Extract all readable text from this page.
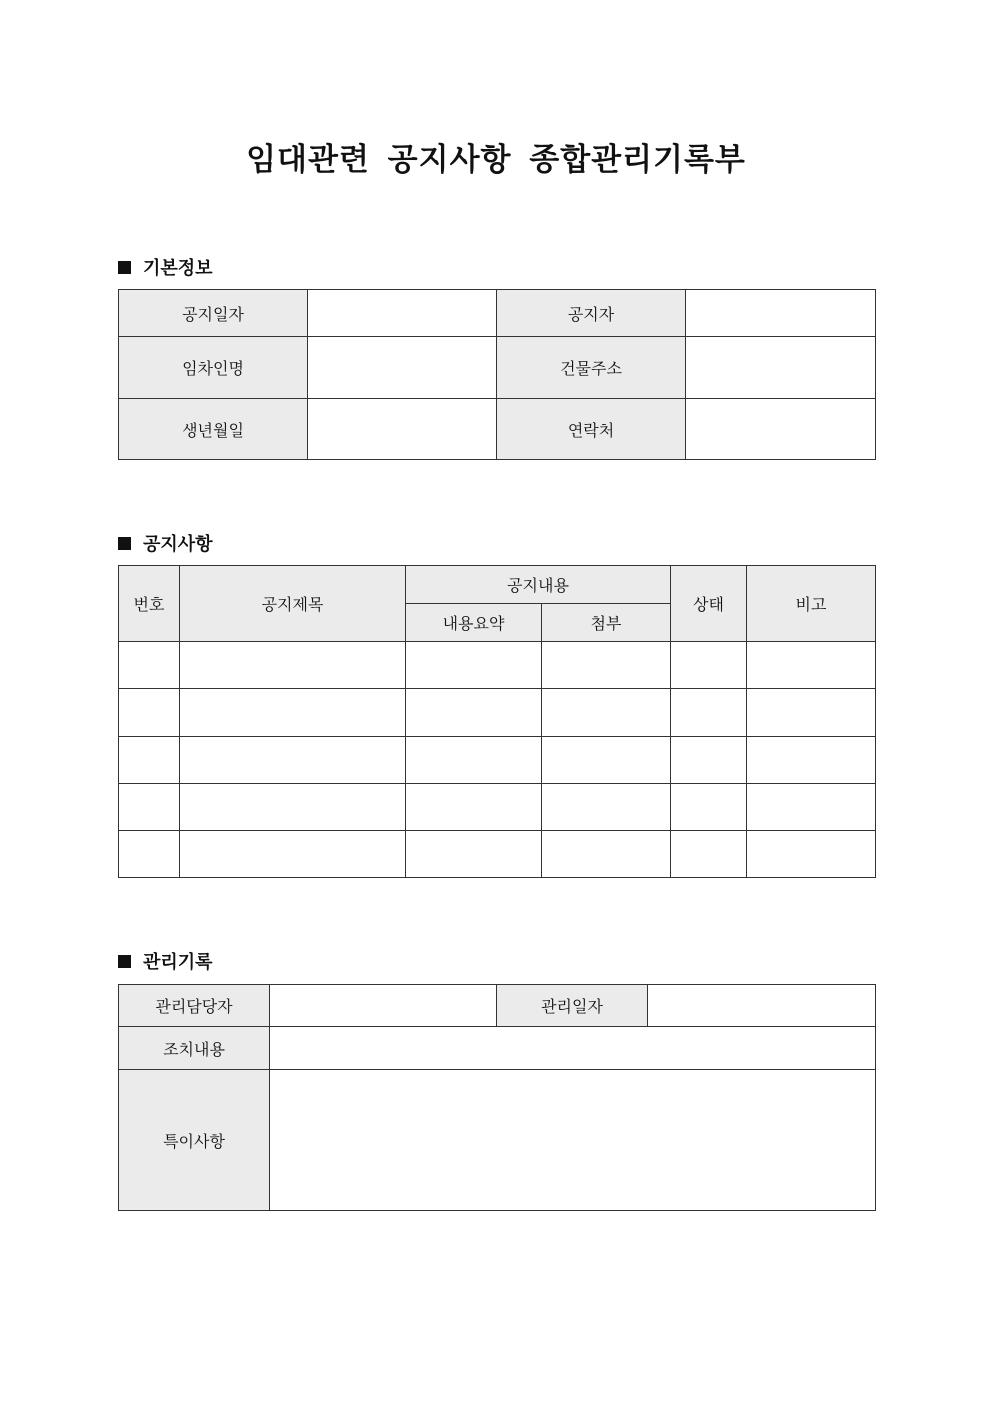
임대관련 공지사항 종합관리기록부
기본정보
공지일자		공지자	
임차인명		건물주소	
생년월일		연락처	
공지사항
번호	공지제목	공지내용		상태	비고
		내용요약	첨부		

관리기록
관리담당자		관리일자	
조치내용			
특이사항			
